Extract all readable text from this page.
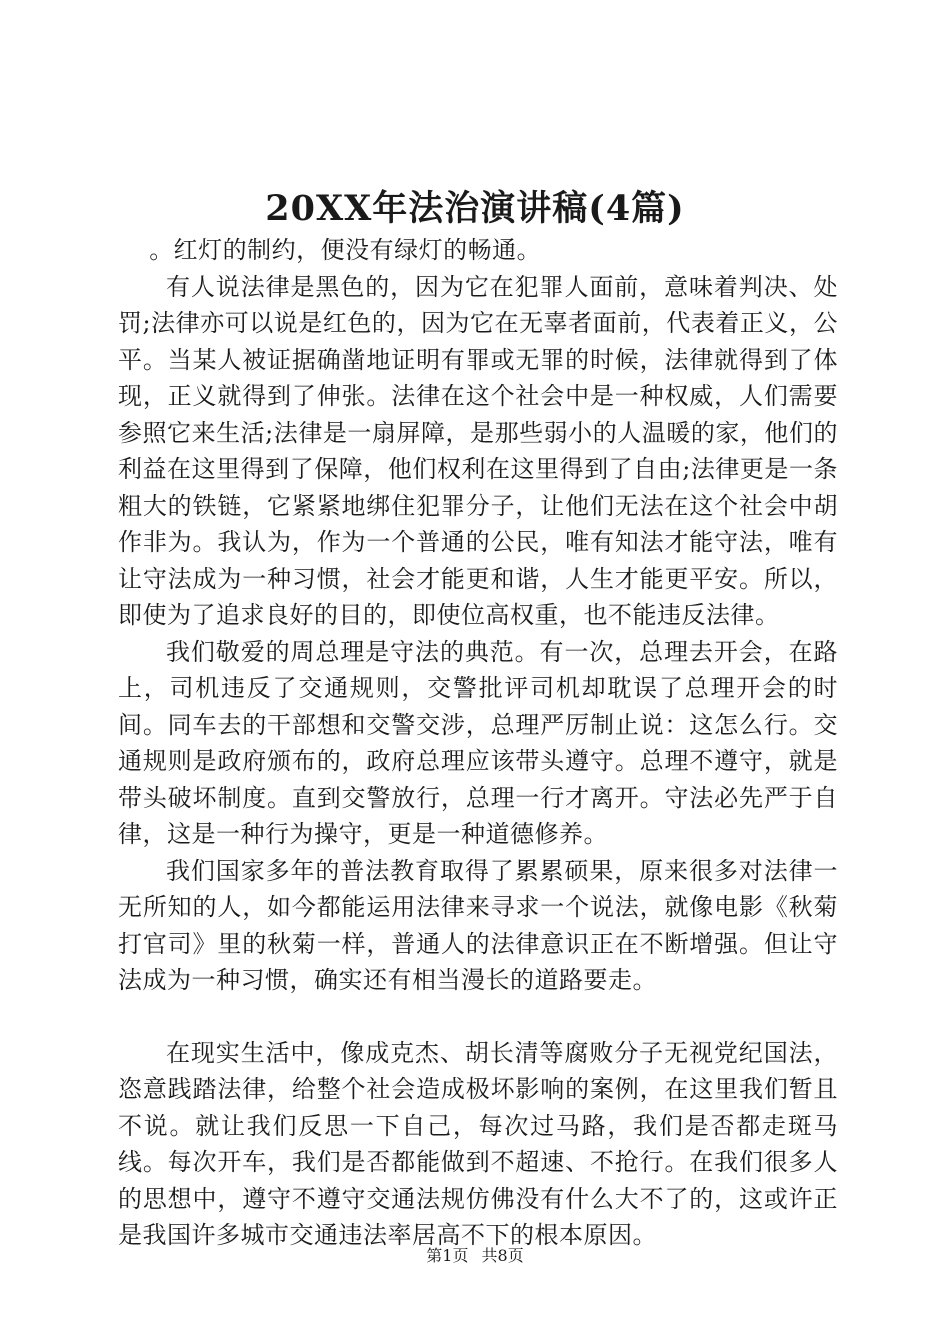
20XX年法治演讲稿(4篇)

。红灯的制约，便没有绿灯的畅通。

有人说法律是黑色的，因为它在犯罪人面前，意味着判决、处罚;法律亦可以说是红色的，因为它在无辜者面前，代表着正义，公平。当某人被证据确凿地证明有罪或无罪的时候，法律就得到了体现，正义就得到了伸张。法律在这个社会中是一种权威，人们需要参照它来生活;法律是一扇屏障，是那些弱小的人温暖的家，他们的利益在这里得到了保障，他们权利在这里得到了自由;法律更是一条粗大的铁链，它紧紧地绑住犯罪分子，让他们无法在这个社会中胡作非为。我认为，作为一个普通的公民，唯有知法才能守法，唯有让守法成为一种习惯，社会才能更和谐，人生才能更平安。所以，即使为了追求良好的目的，即使位高权重，也不能违反法律。

我们敬爱的周总理是守法的典范。有一次，总理去开会，在路上，司机违反了交通规则，交警批评司机却耽误了总理开会的时间。同车去的干部想和交警交涉，总理严厉制止说：这怎么行。交通规则是政府颁布的，政府总理应该带头遵守。总理不遵守，就是带头破坏制度。直到交警放行，总理一行才离开。守法必先严于自律，这是一种行为操守，更是一种道德修养。

我们国家多年的普法教育取得了累累硕果，原来很多对法律一无所知的人，如今都能运用法律来寻求一个说法，就像电影《秋菊打官司》里的秋菊一样，普通人的法律意识正在不断增强。但让守法成为一种习惯，确实还有相当漫长的道路要走。

在现实生活中，像成克杰、胡长清等腐败分子无视党纪国法，恣意践踏法律，给整个社会造成极坏影响的案例，在这里我们暂且不说。就让我们反思一下自己，每次过马路，我们是否都走斑马线。每次开车，我们是否都能做到不超速、不抢行。在我们很多人的思想中，遵守不遵守交通法规仿佛没有什么大不了的，这或许正是我国许多城市交通违法率居高不下的根本原因。

第1页 共8页
